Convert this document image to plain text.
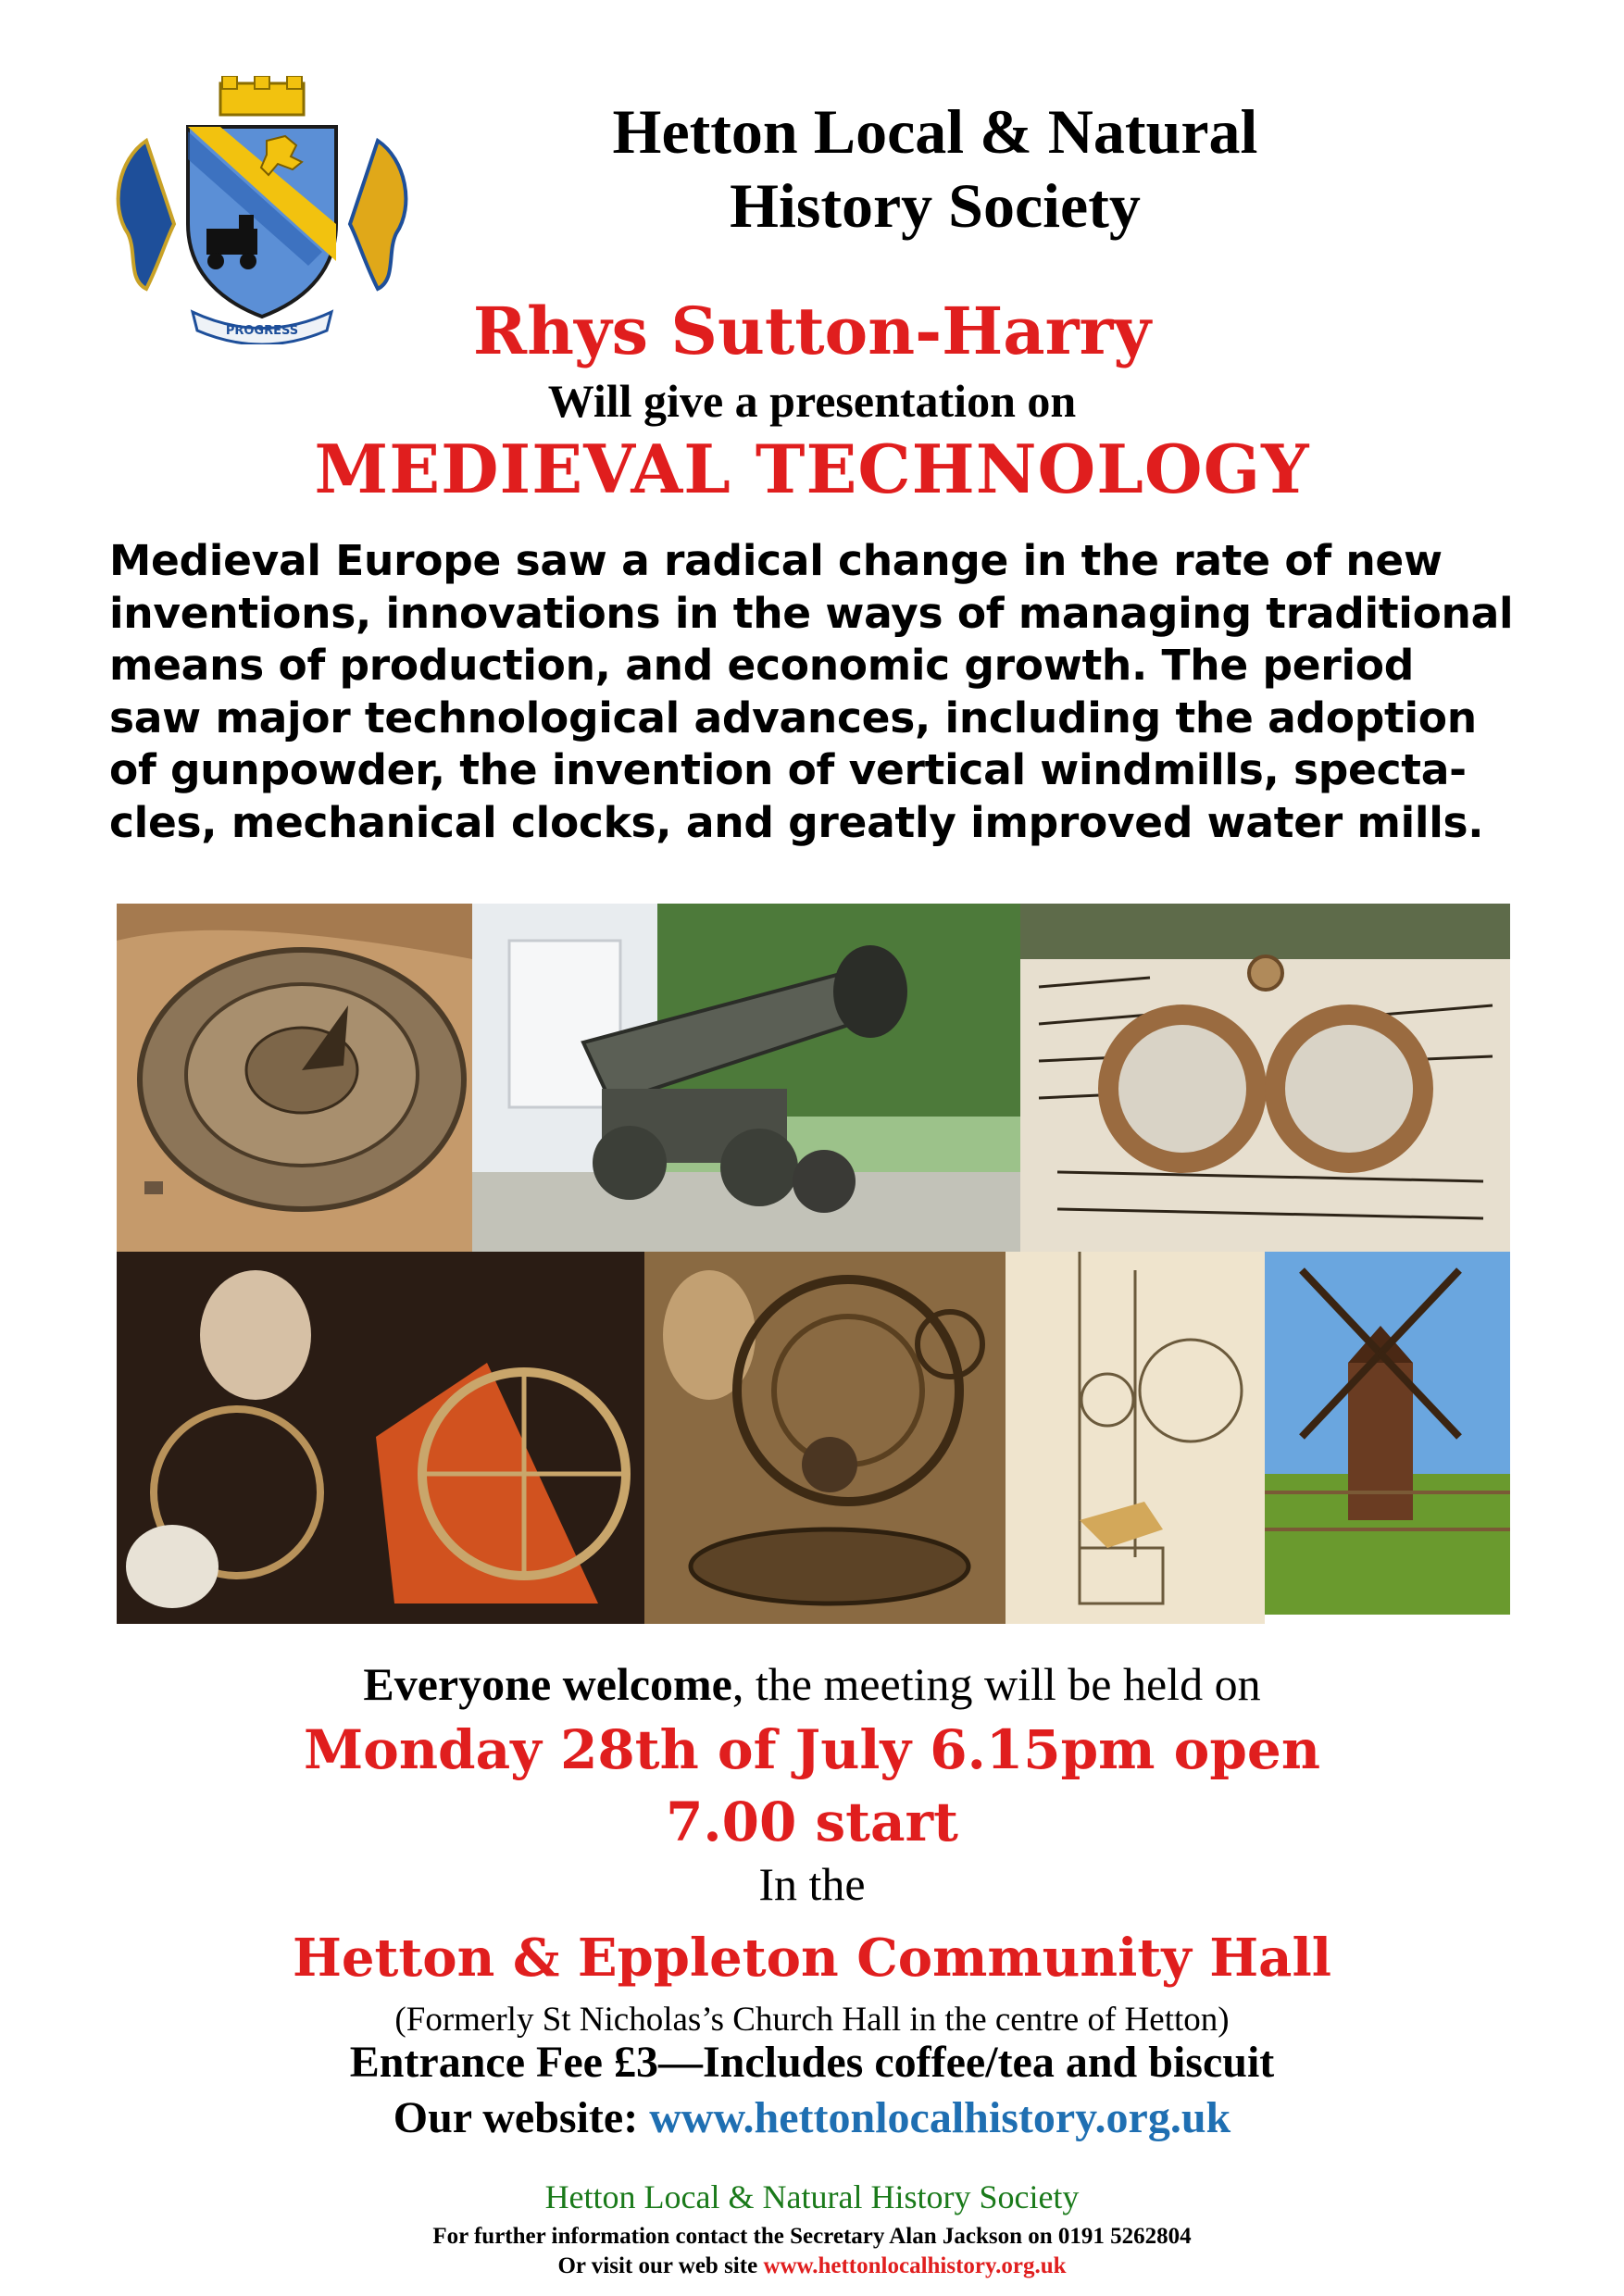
PROGRESS
Hetton Local & Natural
History Society
Rhys Sutton-Harry
Will give a presentation on
MEDIEVAL TECHNOLOGY

Medieval Europe saw a radical change in the rate of new

inventions, innovations in the ways of managing traditional

means of production, and economic growth. The period

saw major technological advances, including the adoption

of gunpowder, the invention of vertical windmills, specta-

cles, mechanical clocks, and greatly improved water mills.

Everyone welcome, the meeting will be held on
Monday 28th of July 6.15pm open
7.00 start
In the
Hetton & Eppleton Community Hall
(Formerly St Nicholas’s Church Hall in the centre of Hetton)
Entrance Fee £3—Includes coffee/tea and biscuit
Our website: www.hettonlocalhistory.org.uk
Hetton Local & Natural History Society
For further information contact the Secretary Alan Jackson on 0191 5262804
Or visit our web site www.hettonlocalhistory.org.uk
